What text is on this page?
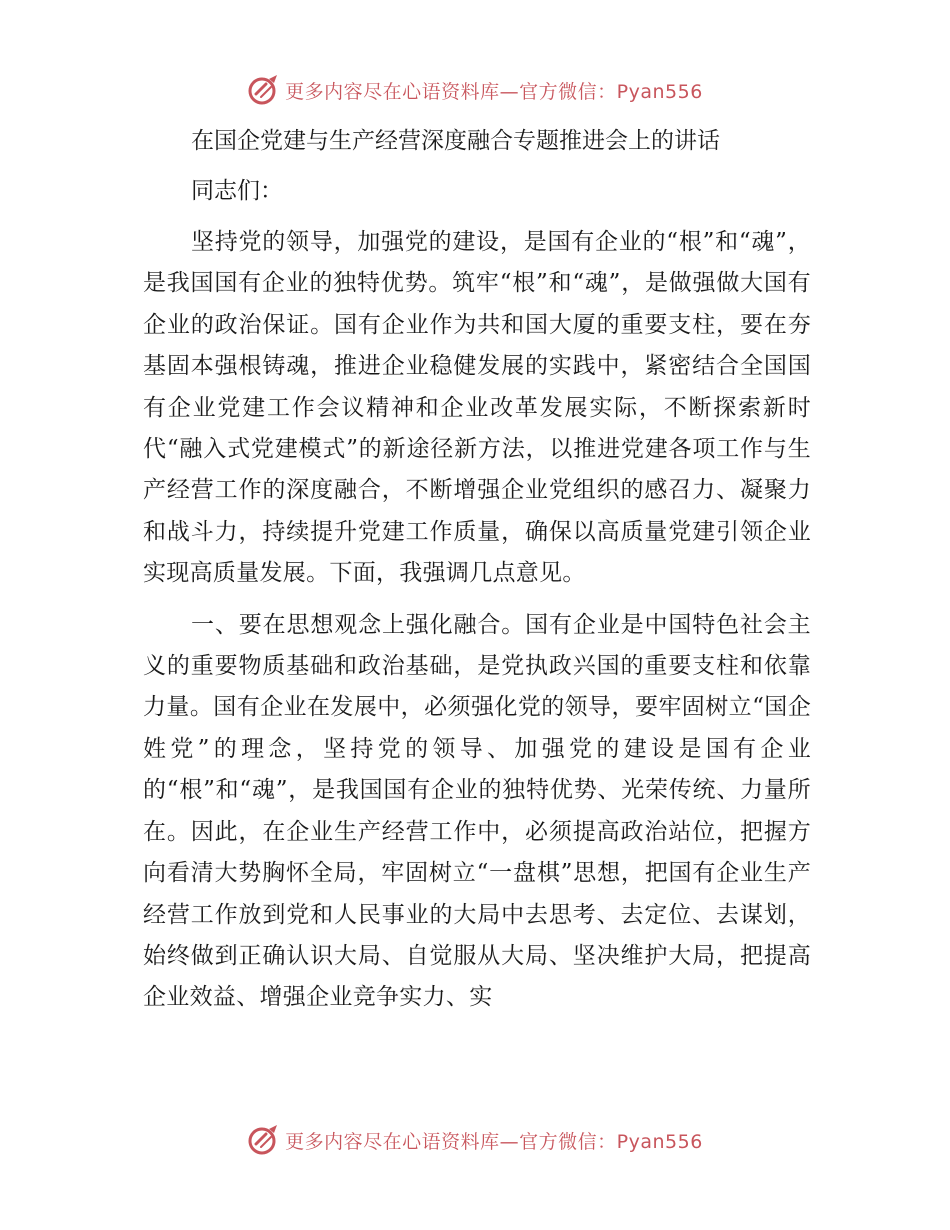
更多内容尽在心语资料库—官方微信：Pyan556
在国企党建与生产经营深度融合专题推进会上的讲话

同志们：

坚持党的领导，加强党的建设，是国有企业的“根”和“魂”，是我国国有企业的独特优势。筑牢“根”和“魂”，是做强做大国有企业的政治保证。国有企业作为共和国大厦的重要支柱，要在夯基固本强根铸魂，推进企业稳健发展的实践中，紧密结合全国国有企业党建工作会议精神和企业改革发展实际，不断探索新时代“融入式党建模式”的新途径新方法，以推进党建各项工作与生产经营工作的深度融合，不断增强企业党组织的感召力、凝聚力和战斗力，持续提升党建工作质量，确保以高质量党建引领企业实现高质量发展。下面，我强调几点意见。

一、要在思想观念上强化融合。国有企业是中国特色社会主义的重要物质基础和政治基础，是党执政兴国的重要支柱和依靠力量。国有企业在发展中，必须强化党的领导，要牢固树立“国企姓党”的理念，坚持党的领导、加强党的建设是国有企业的“根”和“魂”，是我国国有企业的独特优势、光荣传统、力量所在。因此，在企业生产经营工作中，必须提高政治站位，把握方向看清大势胸怀全局，牢固树立“一盘棋”思想，把国有企业生产经营工作放到党和人民事业的大局中去思考、去定位、去谋划，始终做到正确认识大局、自觉服从大局、坚决维护大局，把提高企业效益、增强企业竞争实力、实

更多内容尽在心语资料库—官方微信：Pyan556
